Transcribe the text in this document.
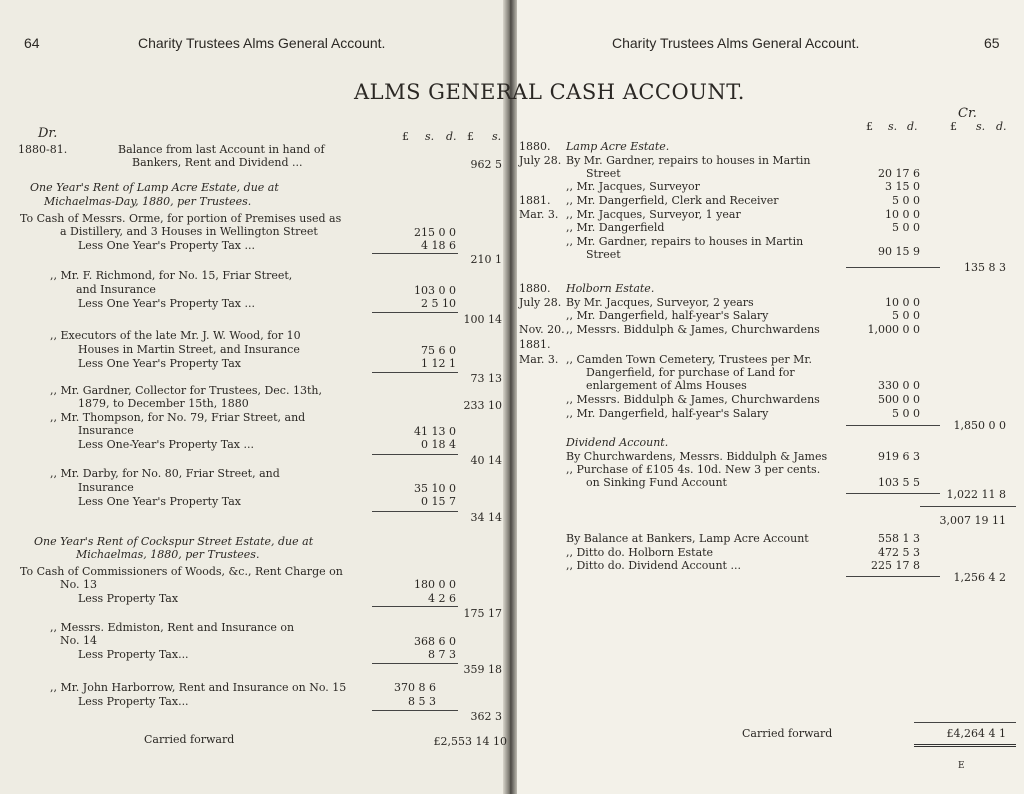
64	Charity Trustees Alms General Account.	Charity Trustees Alms General Account.	65
ALMS GENERAL CASH ACCOUNT.
Dr.
Cr.
£ s. d. £ s.
£ s. d.	£ s. d.
1880-81.	Balance from last Account in hand of
Bankers, Rent and Dividend ...	962 5
One Year's Rent of Lamp Acre Estate, due at
Michaelmas-Day, 1880, per Trustees.
To Cash of Messrs. Orme, for portion of Premises used as
a Distillery, and 3 Houses in Wellington Street	215 0 0
Less One Year's Property Tax ...	4 18 6
210 1
,, Mr. F. Richmond, for No. 15, Friar Street,
and Insurance	103 0 0
Less One Year's Property Tax ...	2 5 10
100 14
,, Executors of the late Mr. J. W. Wood, for 10
Houses in Martin Street, and Insurance	75 6 0
Less One Year's Property Tax	1 12 1
73 13
,, Mr. Gardner, Collector for Trustees, Dec. 13th,
1879, to December 15th, 1880	233 10
,, Mr. Thompson, for No. 79, Friar Street, and
Insurance	41 13 0
Less One-Year's Property Tax ...	0 18 4
40 14
,, Mr. Darby, for No. 80, Friar Street, and
Insurance	35 10 0
Less One Year's Property Tax	0 15 7
34 14
One Year's Rent of Cockspur Street Estate, due at
Michaelmas, 1880, per Trustees.
To Cash of Commissioners of Woods, &c., Rent Charge on
No. 13	180 0 0
Less Property Tax	4 2 6
175 17
,, Messrs. Edmiston, Rent and Insurance on
No. 14	368 6 0
Less Property Tax...	8 7 3
359 18
,, Mr. John Harborrow, Rent and Insurance on No. 15	370 8 6
Less Property Tax...	8 5 3
362 3
Carried forward	£2,553 14 10
1880. Lamp Acre Estate.
July 28. By Mr. Gardner, repairs to houses in Martin
Street	20 17 6
,, Mr. Jacques, Surveyor	3 15 0
1881. ,, Mr. Dangerfield, Clerk and Receiver	5 0 0
Mar. 3. ,, Mr. Jacques, Surveyor, 1 year	10 0 0
,, Mr. Dangerfield	5 0 0
,, Mr. Gardner, repairs to houses in Martin
Street	90 15 9
135 8 3
1880. Holborn Estate.
July 28. By Mr. Jacques, Surveyor, 2 years	10 0 0
,, Mr. Dangerfield, half-year's Salary	5 0 0
Nov. 20. ,, Messrs. Biddulph & James, Churchwardens	1,000 0 0
1881.
Mar. 3. ,, Camden Town Cemetery, Trustees per Mr.
Dangerfield, for purchase of Land for
enlargement of Alms Houses	330 0 0
,, Messrs. Biddulph & James, Churchwardens	500 0 0
,, Mr. Dangerfield, half-year's Salary	5 0 0
1,850 0 0
Dividend Account.
By Churchwardens, Messrs. Biddulph & James	919 6 3
,, Purchase of £105 4s. 10d. New 3 per cents.
on Sinking Fund Account	103 5 5
1,022 11 8
3,007 19 11
By Balance at Bankers, Lamp Acre Account	558 1 3
,, Ditto do. Holborn Estate	472 5 3
,, Ditto do. Dividend Account ...	225 17 8
1,256 4 2
Carried forward	£4,264 4 1
E
